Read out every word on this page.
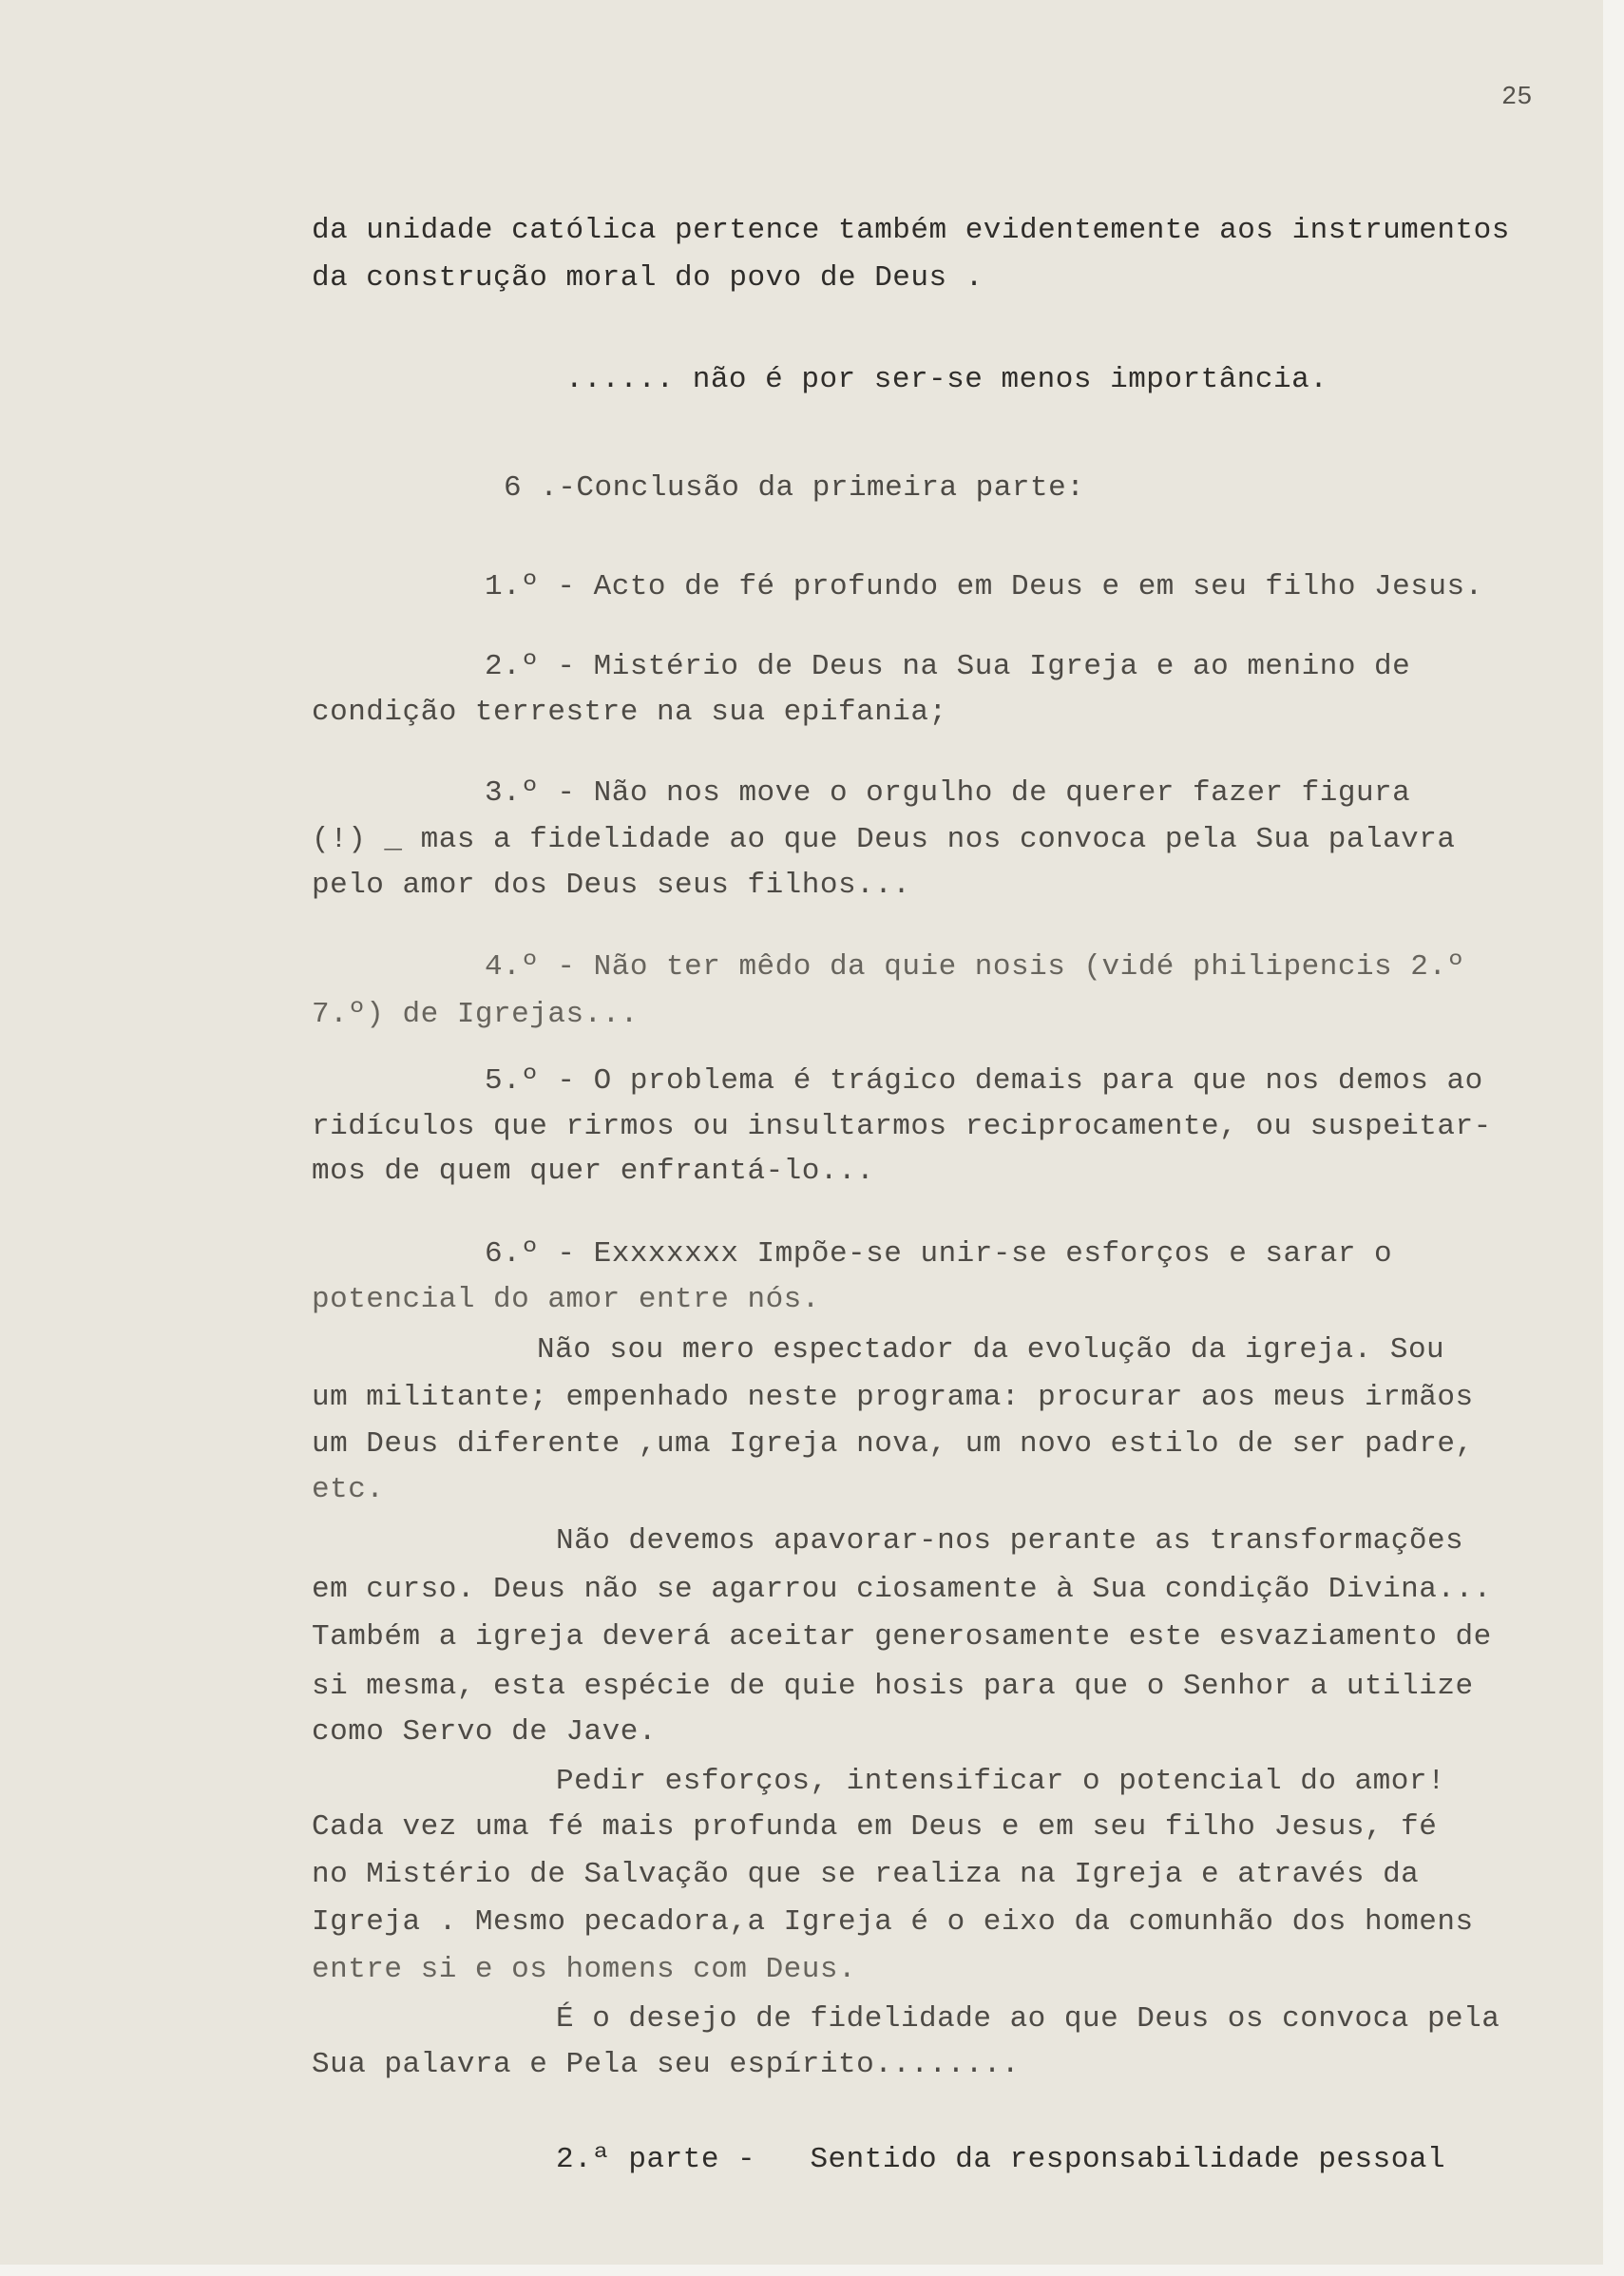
25
da unidade católica pertence também evidentemente aos instrumentos
da construção moral do povo de Deus .
...... não é por ser-se menos importância.
6 .-Conclusão da primeira parte:
1.º - Acto de fé profundo em Deus e em seu filho Jesus.
2.º - Mistério de Deus na Sua Igreja e ao menino de
condição terrestre na sua epifania;
3.º - Não nos move o orgulho de querer fazer figura
(!) _ mas a fidelidade ao que Deus nos convoca pela Sua palavra
pelo amor dos Deus seus filhos...
4.º - Não ter mêdo da quie nosis (vidé philipencis 2.º
7.º) de Igrejas...
5.º - O problema é trágico demais para que nos demos ao
ridículos que rirmos ou insultarmos reciprocamente, ou suspeitar-
mos de quem quer enfrantá-lo...
6.º - Exxxxxxx Impõe-se unir-se esforços e sarar o
potencial do amor entre nós.
Não sou mero espectador da evolução da igreja. Sou
um militante; empenhado neste programa: procurar aos meus irmãos
um Deus diferente ,uma Igreja nova, um novo estilo de ser padre,
etc.
Não devemos apavorar-nos perante as transformações
em curso. Deus não se agarrou ciosamente à Sua condição Divina...
Também a igreja deverá aceitar generosamente este esvaziamento de
si mesma, esta espécie de quie hosis para que o Senhor a utilize
como Servo de Jave.
Pedir esforços, intensificar o potencial do amor!
Cada vez uma fé mais profunda em Deus e em seu filho Jesus, fé
no Mistério de Salvação que se realiza na Igreja e através da
Igreja . Mesmo pecadora,a Igreja é o eixo da comunhão dos homens
entre si e os homens com Deus.
É o desejo de fidelidade ao que Deus os convoca pela
Sua palavra e Pela seu espírito........
2.ª parte -   Sentido da responsabilidade pessoal
